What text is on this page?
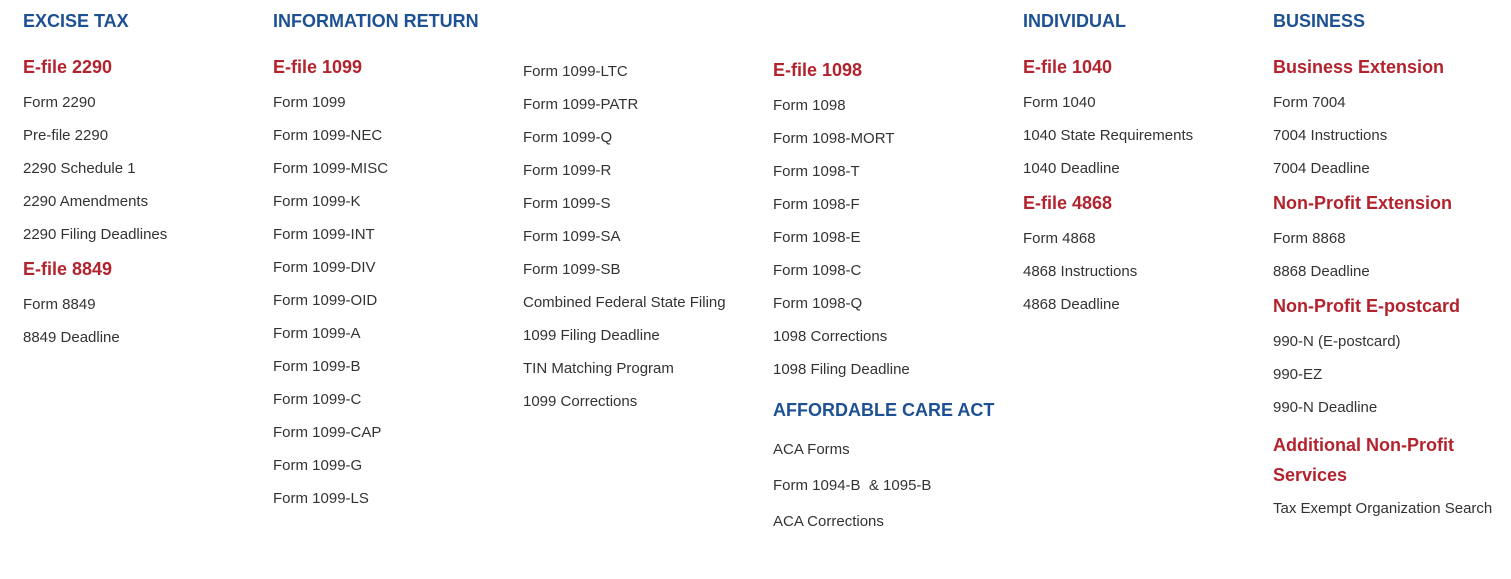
EXCISE TAX
E-file 2290
Form 2290
Pre-file 2290
2290 Schedule 1
2290 Amendments
2290 Filing Deadlines
E-file 8849
Form 8849
8849 Deadline
INFORMATION RETURN
E-file 1099
Form 1099
Form 1099-NEC
Form 1099-MISC
Form 1099-K
Form 1099-INT
Form 1099-DIV
Form 1099-OID
Form 1099-A
Form 1099-B
Form 1099-C
Form 1099-CAP
Form 1099-G
Form 1099-LS
Form 1099-LTC
Form 1099-PATR
Form 1099-Q
Form 1099-R
Form 1099-S
Form 1099-SA
Form 1099-SB
Combined Federal State Filing
1099 Filing Deadline
TIN Matching Program
1099 Corrections
E-file 1098
Form 1098
Form 1098-MORT
Form 1098-T
Form 1098-F
Form 1098-E
Form 1098-C
Form 1098-Q
1098 Corrections
1098 Filing Deadline
AFFORDABLE CARE ACT
ACA Forms
Form 1094-B  & 1095-B
ACA Corrections
INDIVIDUAL
E-file 1040
Form 1040
1040 State Requirements
1040 Deadline
E-file 4868
Form 4868
4868 Instructions
4868 Deadline
BUSINESS
Business Extension
Form 7004
7004 Instructions
7004 Deadline
Non-Profit Extension
Form 8868
8868 Deadline
Non-Profit E-postcard
990-N (E-postcard)
990-EZ
990-N Deadline
Additional Non-Profit Services
Tax Exempt Organization Search
